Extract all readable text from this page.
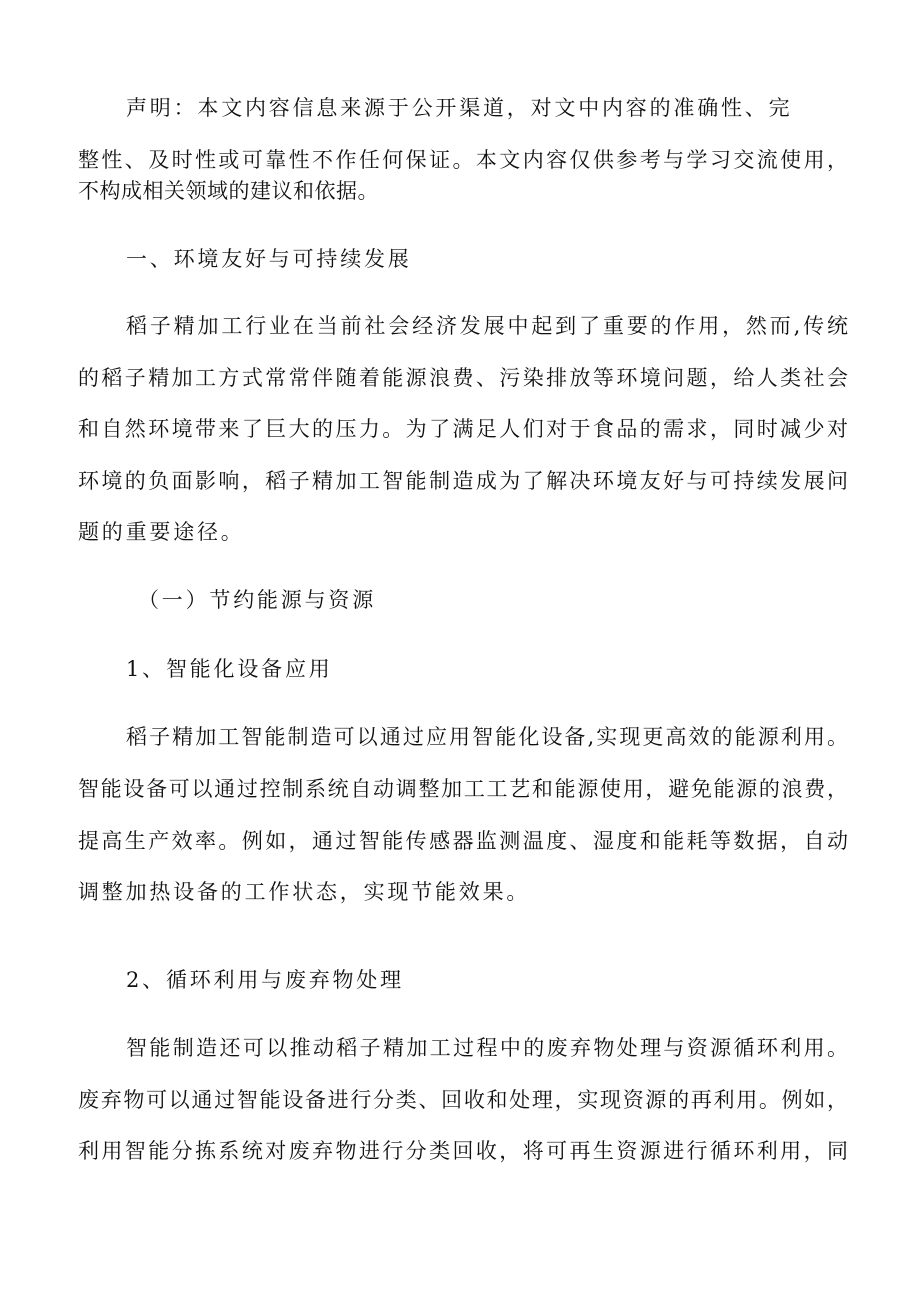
声明：本文内容信息来源于公开渠道，对文中内容的准确性、完
整性、及时性或可靠性不作任何保证。本文内容仅供参考与学习交流使用，
不构成相关领域的建议和依据。
一、环境友好与可持续发展
稻子精加工行业在当前社会经济发展中起到了重要的作用，然而,传统
的稻子精加工方式常常伴随着能源浪费、污染排放等环境问题，给人类社会
和自然环境带来了巨大的压力。为了满足人们对于食品的需求，同时减少对
环境的负面影响，稻子精加工智能制造成为了解决环境友好与可持续发展问
题的重要途径。
（一）节约能源与资源
1、智能化设备应用
稻子精加工智能制造可以通过应用智能化设备,实现更高效的能源利用。
智能设备可以通过控制系统自动调整加工工艺和能源使用，避免能源的浪费，
提高生产效率。例如，通过智能传感器监测温度、湿度和能耗等数据，自动
调整加热设备的工作状态，实现节能效果。
2、循环利用与废弃物处理
智能制造还可以推动稻子精加工过程中的废弃物处理与资源循环利用。
废弃物可以通过智能设备进行分类、回收和处理，实现资源的再利用。例如，
利用智能分拣系统对废弃物进行分类回收，将可再生资源进行循环利用，同
